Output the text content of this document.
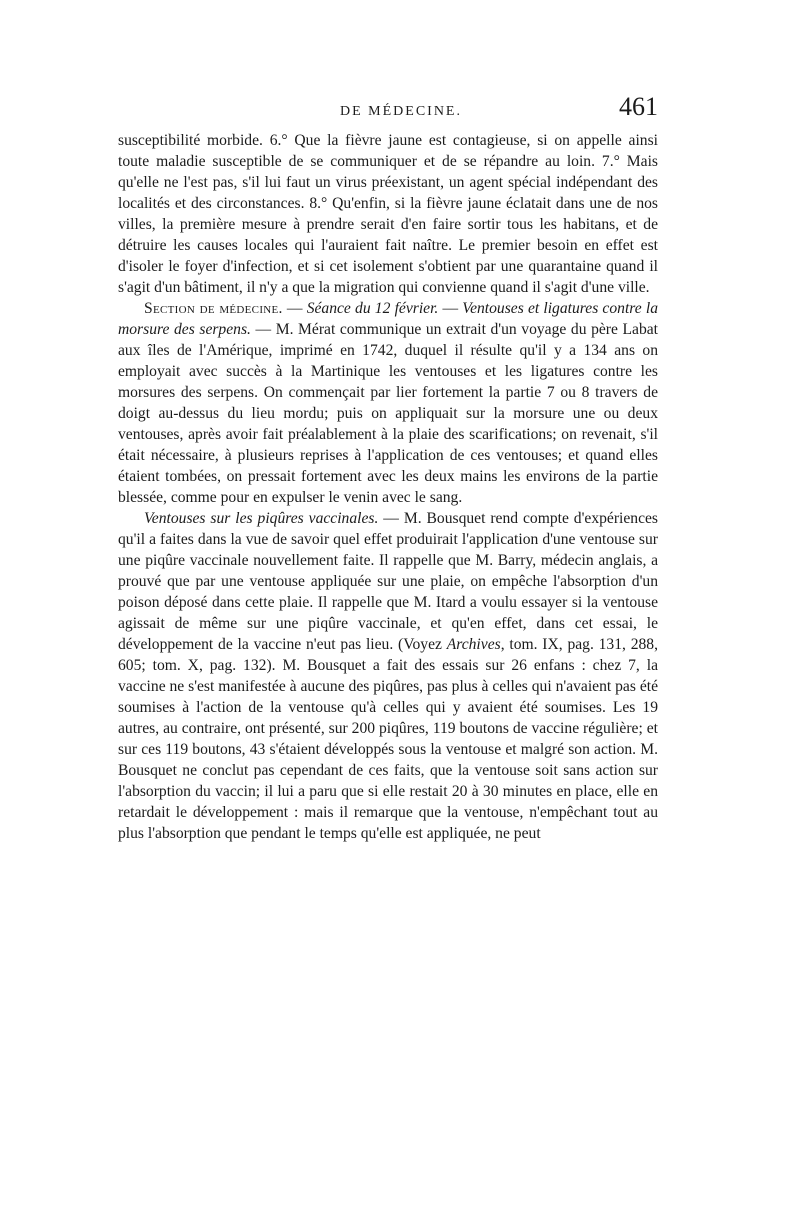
DE MÉDECINE.	461

susceptibilité morbide. 6.° Que la fièvre jaune est contagieuse, si on appelle ainsi toute maladie susceptible de se communiquer et de se répandre au loin. 7.° Mais qu'elle ne l'est pas, s'il lui faut un virus préexistant, un agent spécial indépendant des localités et des circonstances. 8.° Qu'enfin, si la fièvre jaune éclatait dans une de nos villes, la première mesure à prendre serait d'en faire sortir tous les habitans, et de détruire les causes locales qui l'auraient fait naître. Le premier besoin en effet est d'isoler le foyer d'infection, et si cet isolement s'obtient par une quarantaine quand il s'agit d'un bâtiment, il n'y a que la migration qui convienne quand il s'agit d'une ville.

Section de médecine. — Séance du 12 février. — Ventouses et ligatures contre la morsure des serpens. — M. Mérat communique un extrait d'un voyage du père Labat aux îles de l'Amérique, imprimé en 1742, duquel il résulte qu'il y a 134 ans on employait avec succès à la Martinique les ventouses et les ligatures contre les morsures des serpens. On commençait par lier fortement la partie 7 ou 8 travers de doigt au-dessus du lieu mordu; puis on appliquait sur la morsure une ou deux ventouses, après avoir fait préalablement à la plaie des scarifications; on revenait, s'il était nécessaire, à plusieurs reprises à l'application de ces ventouses; et quand elles étaient tombées, on pressait fortement avec les deux mains les environs de la partie blessée, comme pour en expulser le venin avec le sang.

Ventouses sur les piqûres vaccinales. — M. Bousquet rend compte d'expériences qu'il a faites dans la vue de savoir quel effet produirait l'application d'une ventouse sur une piqûre vaccinale nouvellement faite. Il rappelle que M. Barry, médecin anglais, a prouvé que par une ventouse appliquée sur une plaie, on empêche l'absorption d'un poison déposé dans cette plaie. Il rappelle que M. Itard a voulu essayer si la ventouse agissait de même sur une piqûre vaccinale, et qu'en effet, dans cet essai, le développement de la vaccine n'eut pas lieu. (Voyez Archives, tom. IX, pag. 131, 288, 605; tom. X, pag. 132). M. Bousquet a fait des essais sur 26 enfans : chez 7, la vaccine ne s'est manifestée à aucune des piqûres, pas plus à celles qui n'avaient pas été soumises à l'action de la ventouse qu'à celles qui y avaient été soumises. Les 19 autres, au contraire, ont présenté, sur 200 piqûres, 119 boutons de vaccine régulière; et sur ces 119 boutons, 43 s'étaient développés sous la ventouse et malgré son action. M. Bousquet ne conclut pas cependant de ces faits, que la ventouse soit sans action sur l'absorption du vaccin; il lui a paru que si elle restait 20 à 30 minutes en place, elle en retardait le développement : mais il remarque que la ventouse, n'empêchant tout au plus l'absorption que pendant le temps qu'elle est appliquée, ne peut
